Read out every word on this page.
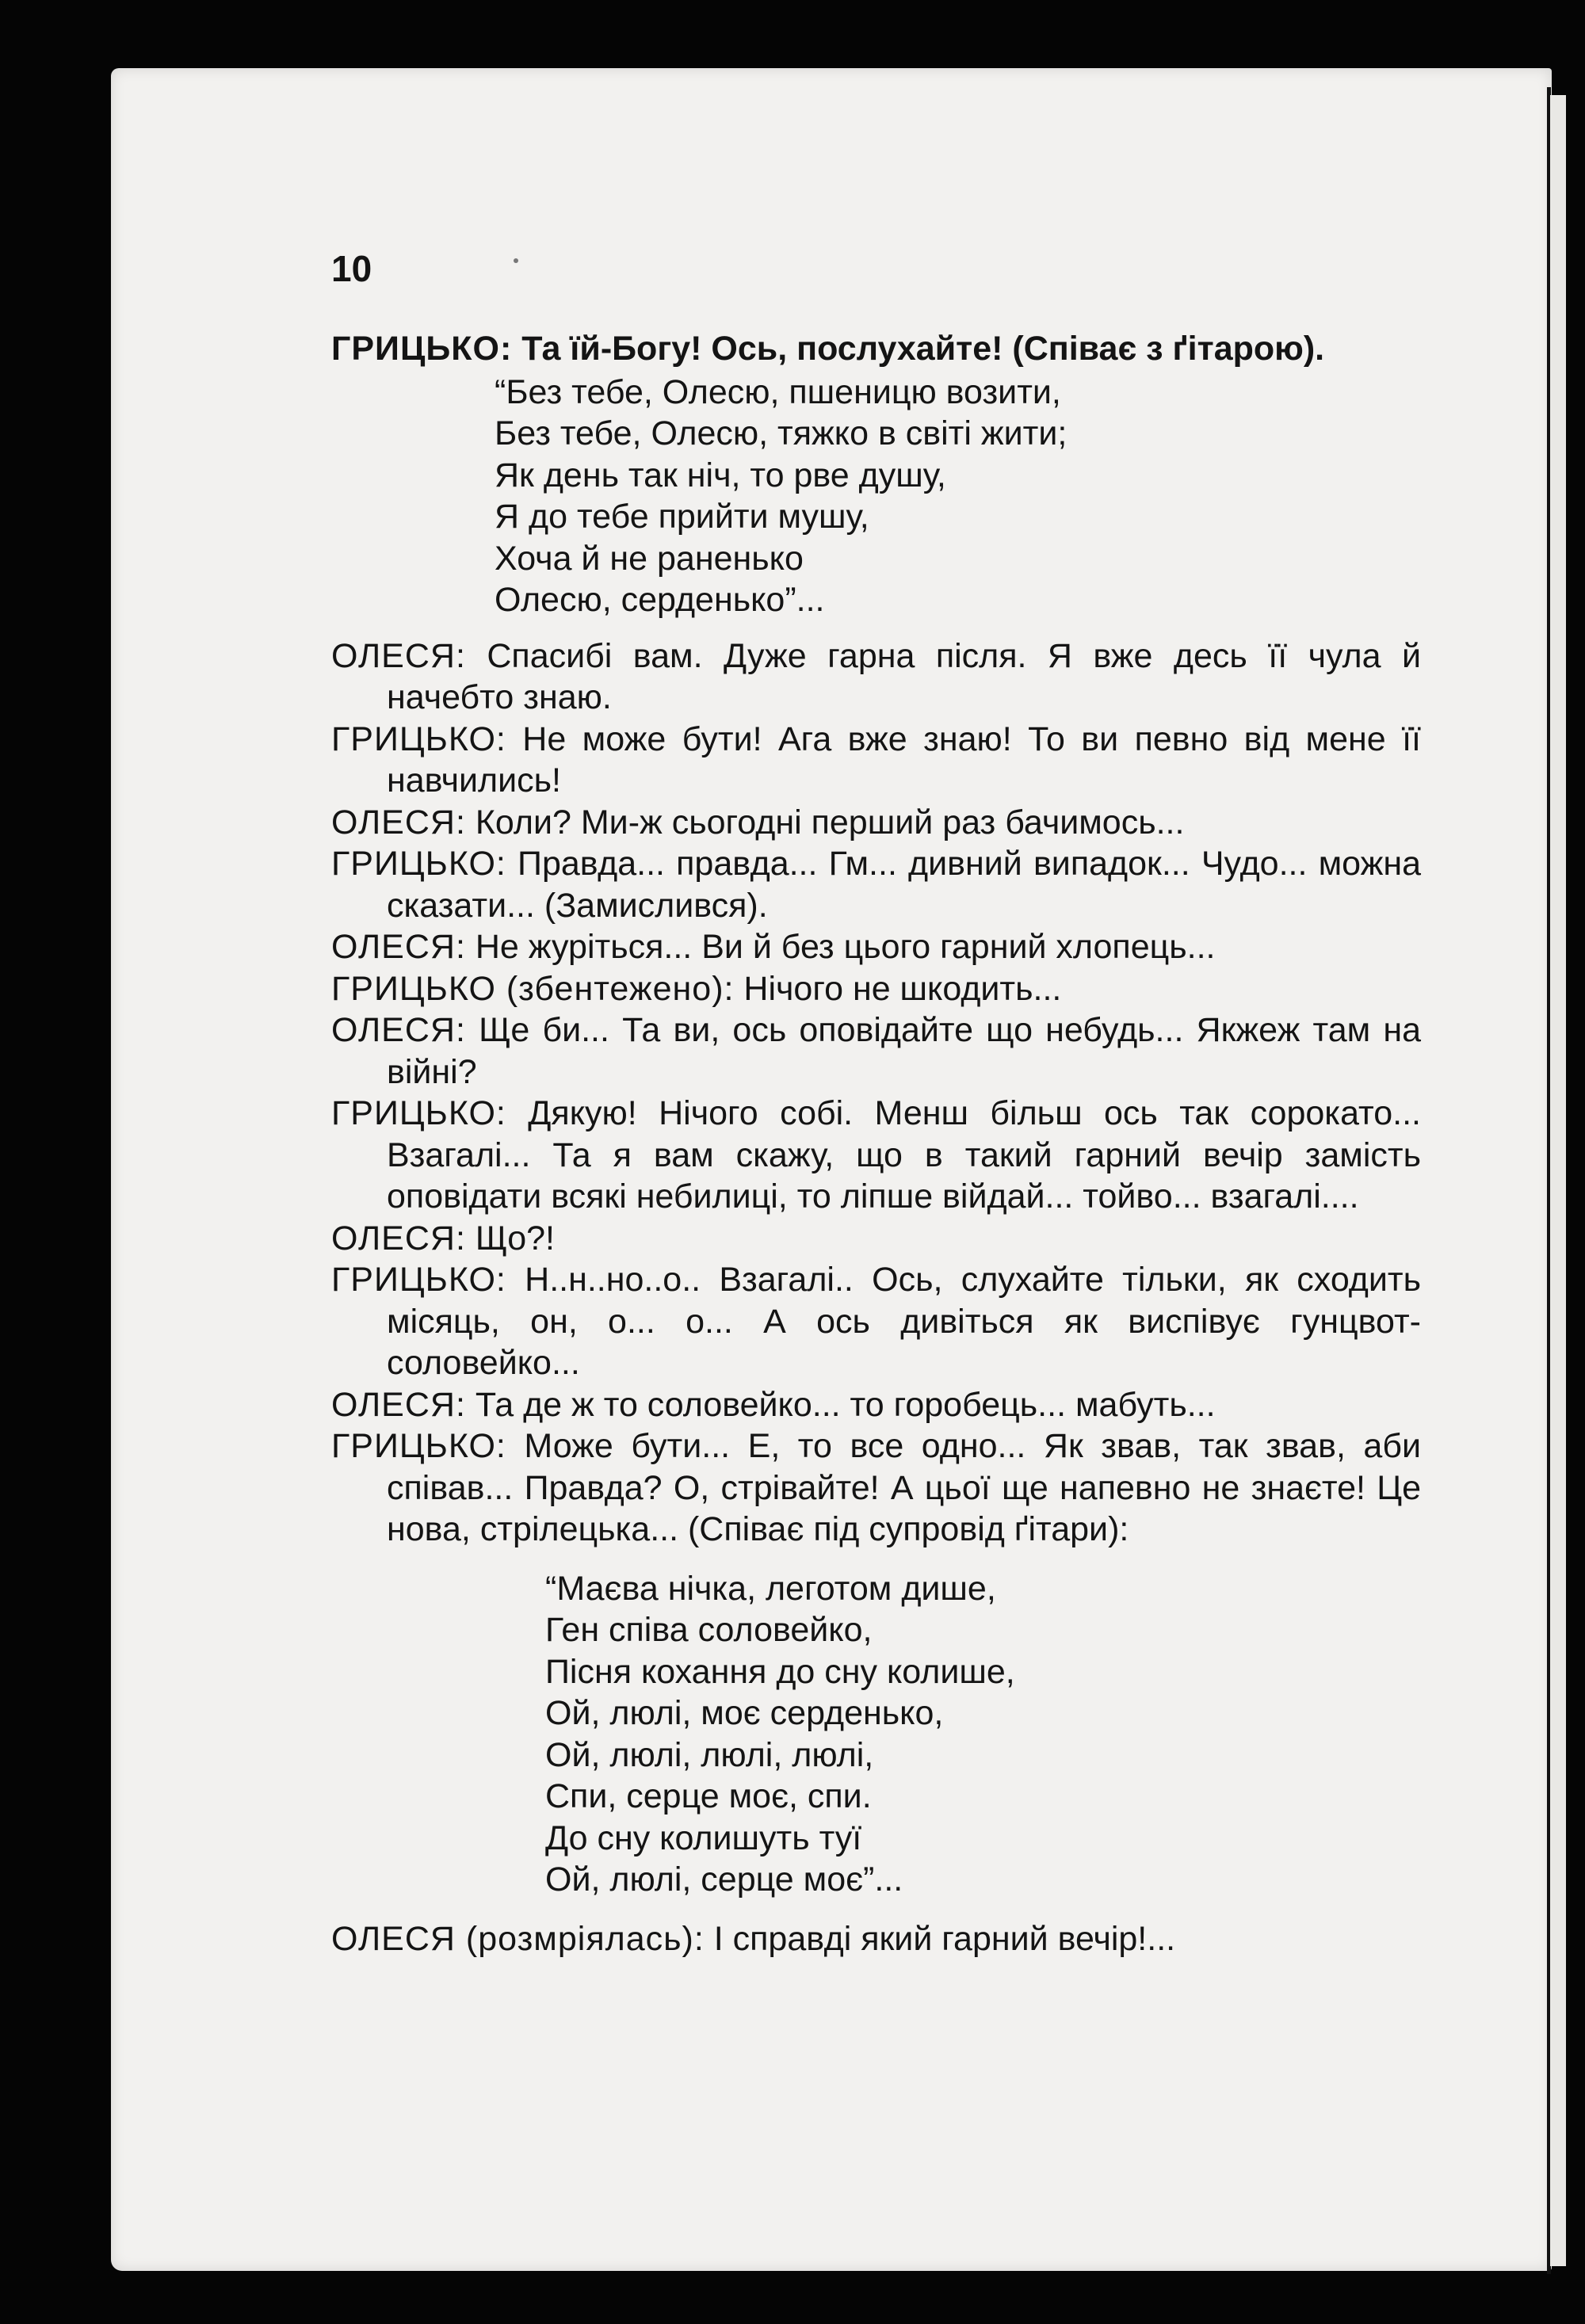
10

ГРИЦЬКО: Та їй-Богу! Ось, послухайте! (Співає з ґітарою).

“Без тебе, Олесю, пшеницю возити,
Без тебе, Олесю, тяжко в світі жити;
Як день так ніч, то рве душу,
Я до тебе прийти мушу,
Хоча й не раненько
Олесю, серденько”...

ОЛЕСЯ: Спасибі вам. Дуже гарна після. Я вже десь її чула й начебто знаю.

ГРИЦЬКО: Не може бути! Ага вже знаю! То ви певно від мене її навчились!

ОЛЕСЯ: Коли? Ми-ж сьогодні перший раз бачимось...

ГРИЦЬКО: Правда... правда... Гм... дивний випадок... Чудо... можна сказати... (Замислився).

ОЛЕСЯ: Не журіться... Ви й без цього гарний хлопець...

ГРИЦЬКО (збентежено): Нічого не шкодить...

ОЛЕСЯ: Ще би... Та ви, ось оповідайте що небудь... Якжеж там на війні?

ГРИЦЬКО: Дякую! Нічого собі. Менш більш ось так сорокато... Взагалі... Та я вам скажу, що в такий гарний вечір замість оповідати всякі небилиці, то ліпше війдай... тойво... взагалі....

ОЛЕСЯ: Що?!

ГРИЦЬКО: Н..н..но..о.. Взагалі.. Ось, слухайте тільки, як сходить місяць, он, о... о... А ось дивіться як виспівує гунцвот-соловейко...

ОЛЕСЯ: Та де ж то соловейко... то горобець... мабуть...

ГРИЦЬКО: Може бути... Е, то все одно... Як звав, так звав, аби співав... Правда? О, стрівайте! А цьої ще напевно не знаєте! Це нова, стрілецька... (Співає під супровід ґітари):

“Маєва нічка, леготом дише,
Ген співа соловейко,
Пісня кохання до сну колише,
Ой, люлі, моє серденько,
Ой, люлі, люлі, люлі,
Спи, серце моє, спи.
До сну колишуть туї
Ой, люлі, серце моє”...

ОЛЕСЯ (розмріялась): І справді який гарний вечір!...
